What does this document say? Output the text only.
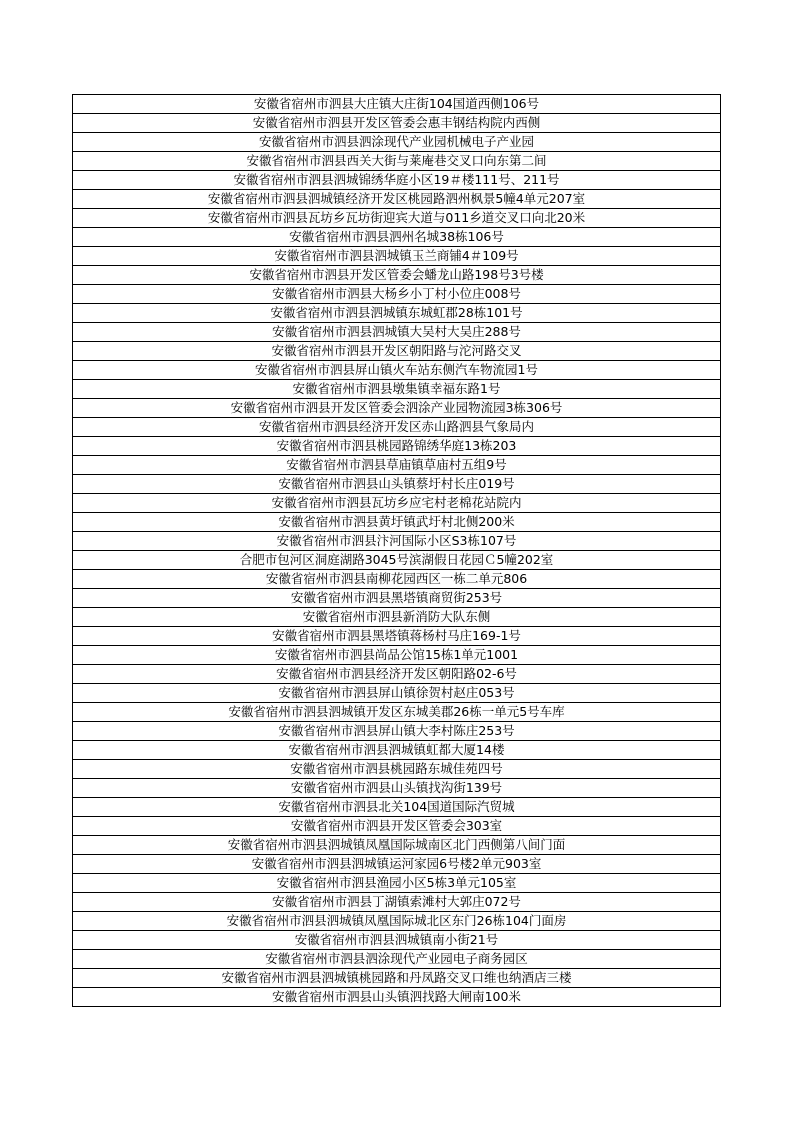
安徽省宿州市泗县大庄镇大庄街104国道西侧106号
安徽省宿州市泗县开发区管委会惠丰钢结构院内西侧
安徽省宿州市泗县泗涂现代产业园机械电子产业园
安徽省宿州市泗县西关大街与莱庵巷交叉口向东第二间
安徽省宿州市泗县泗城锦绣华庭小区19＃楼111号、211号
安徽省宿州市泗县泗城镇经济开发区桃园路泗州枫景5幢4单元207室
安徽省宿州市泗县瓦坊乡瓦坊街迎宾大道与011乡道交叉口向北20米
安徽省宿州市泗县泗州名城38栋106号
安徽省宿州市泗县泗城镇玉兰商铺4＃109号
安徽省宿州市泗县开发区管委会蟠龙山路198号3号楼
安徽省宿州市泗县大杨乡小丁村小位庄008号
安徽省宿州市泗县泗城镇东城虹郡28栋101号
安徽省宿州市泗县泗城镇大吴村大吴庄288号
安徽省宿州市泗县开发区朝阳路与沱河路交叉
安徽省宿州市泗县屏山镇火车站东侧汽车物流园1号
安徽省宿州市泗县墩集镇幸福东路1号
安徽省宿州市泗县开发区管委会泗涂产业园物流园3栋306号
安徽省宿州市泗县经济开发区赤山路泗县气象局内
安徽省宿州市泗县桃园路锦绣华庭13栋203
安徽省宿州市泗县草庙镇草庙村五组9号
安徽省宿州市泗县山头镇蔡圩村长庄019号
安徽省宿州市泗县瓦坊乡应宅村老棉花站院内
安徽省宿州市泗县黄圩镇武圩村北侧200米
安徽省宿州市泗县汴河国际小区S3栋107号
合肥市包河区洞庭湖路3045号滨湖假日花园Ｃ5幢202室
安徽省宿州市泗县南柳花园西区一栋二单元806
安徽省宿州市泗县黑塔镇商贸街253号
安徽省宿州市泗县新消防大队东侧
安徽省宿州市泗县黑塔镇蒋杨村马庄169-1号
安徽省宿州市泗县尚品公馆15栋1单元1001
安徽省宿州市泗县经济开发区朝阳路02-6号
安徽省宿州市泗县屏山镇徐贺村赵庄053号
安徽省宿州市泗县泗城镇开发区东城美郡26栋一单元5号车库
安徽省宿州市泗县屏山镇大李村陈庄253号
安徽省宿州市泗县泗城镇虹都大厦14楼
安徽省宿州市泗县桃园路东城佳苑四号
安徽省宿州市泗县山头镇找沟街139号
安徽省宿州市泗县北关104国道国际汽贸城
安徽省宿州市泗县开发区管委会303室
安徽省宿州市泗县泗城镇凤凰国际城南区北门西侧第八间门面
安徽省宿州市泗县泗城镇运河家园6号楼2单元903室
安徽省宿州市泗县渔园小区5栋3单元105室
安徽省宿州市泗县丁湖镇索滩村大郭庄072号
安徽省宿州市泗县泗城镇凤凰国际城北区东门26栋104门面房
安徽省宿州市泗县泗城镇南小街21号
安徽省宿州市泗县泗涂现代产业园电子商务园区
安徽省宿州市泗县泗城镇桃园路和丹凤路交叉口维也纳酒店三楼
安徽省宿州市泗县山头镇泗找路大闸南100米
